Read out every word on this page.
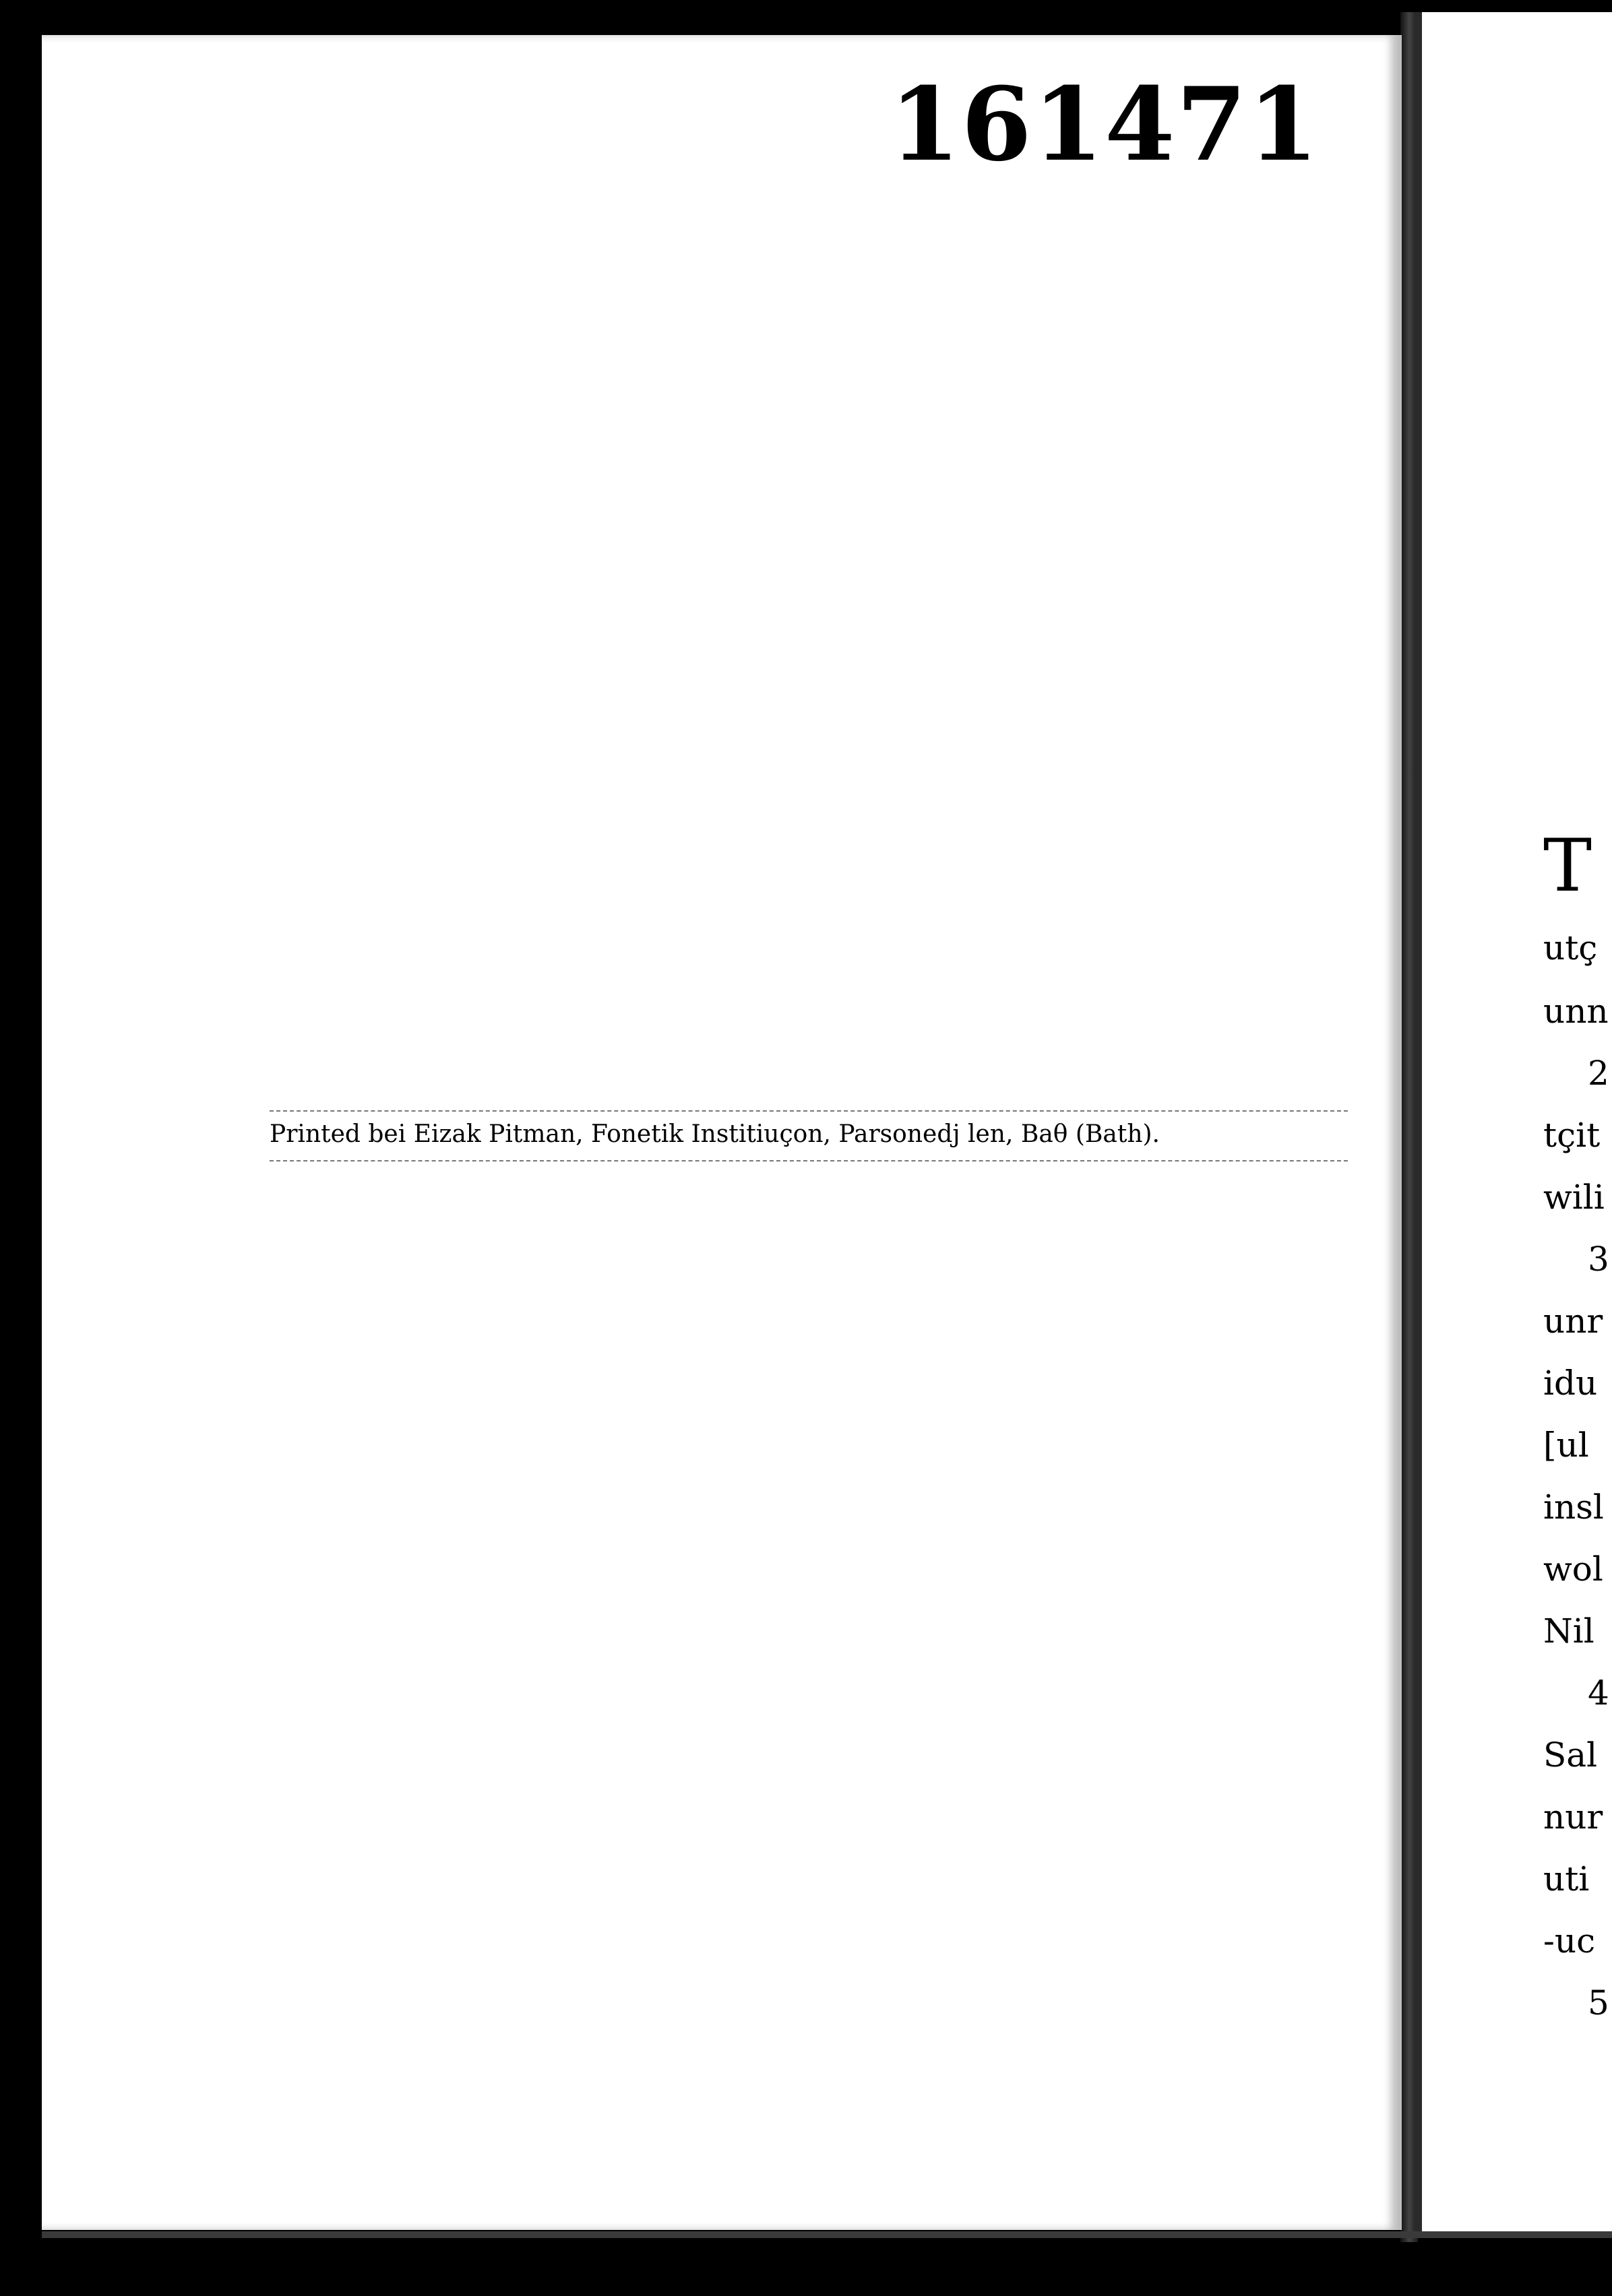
161471
Printed bei Eizak Pitman, Fonetik Institiuçon, Parsonedj len, Baθ (Bath).
T
utç
unn
2
tçit
wili
3
unr
idu
[ul
insl
wol
Nil
4
Sal
nur
uti
-uc
5
